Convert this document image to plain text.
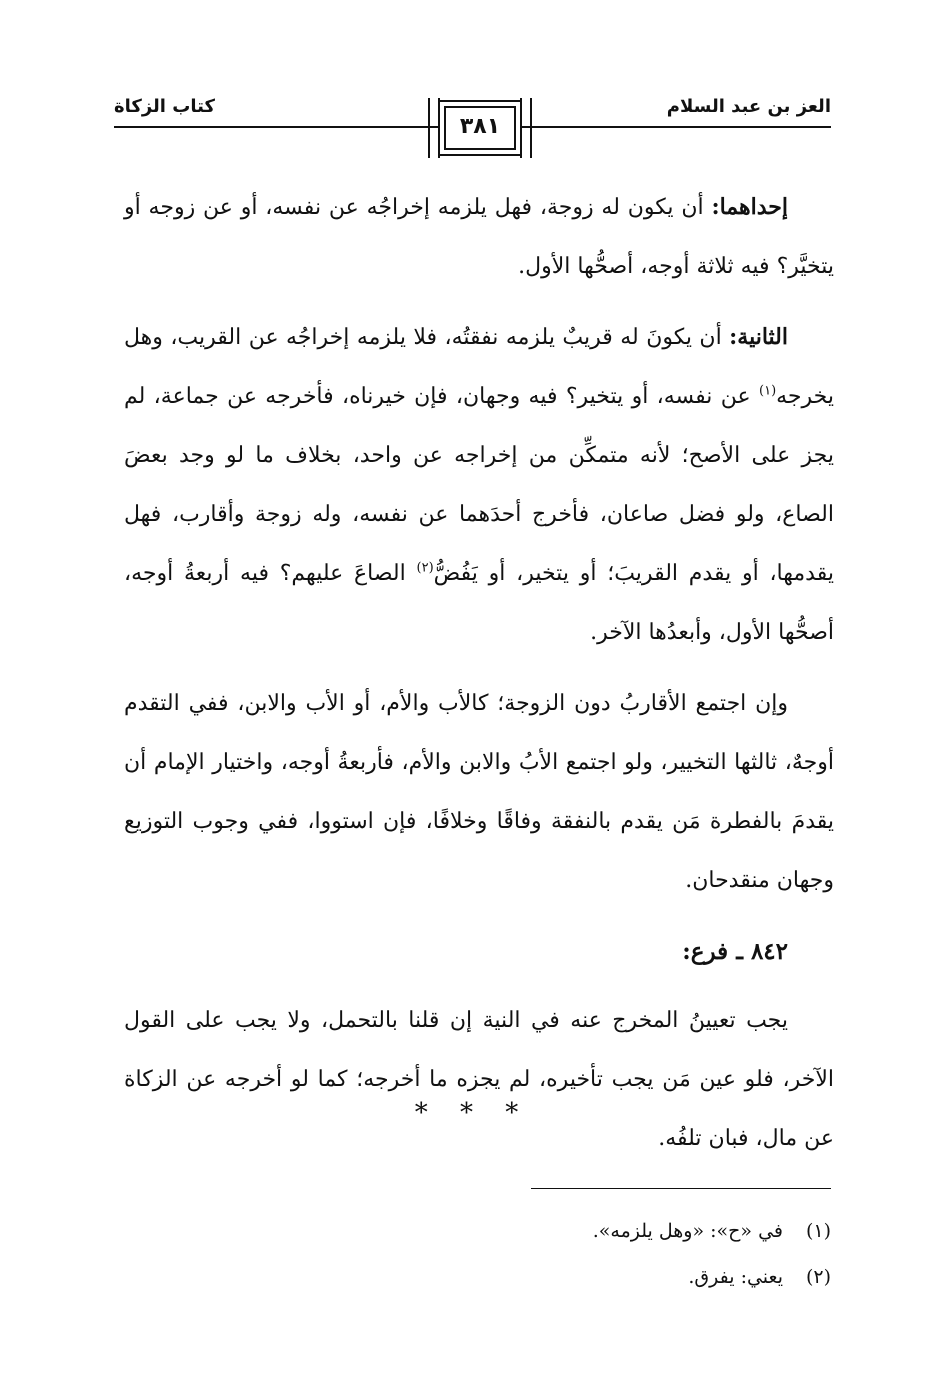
كتاب الزكاة	العز بن عبد السلام
٣٨١

إحداهما: أن يكون له زوجة، فهل يلزمه إخراجُه عن نفسه، أو عن زوجه أو يتخيَّر؟ فيه ثلاثة أوجه، أصحُّها الأول.

الثانية: أن يكونَ له قريبٌ يلزمه نفقتُه، فلا يلزمه إخراجُه عن القريب، وهل يخرجه$^{(١)}$ عن نفسه، أو يتخير؟ فيه وجهان، فإن خيرناه، فأخرجه عن جماعة، لم يجز على الأصح؛ لأنه متمكِّن من إخراجه عن واحد، بخلاف ما لو وجد بعضَ الصاع، ولو فضل صاعان، فأخرج أحدَهما عن نفسه، وله زوجة وأقارب، فهل يقدمها، أو يقدم القريبَ؛ أو يتخير، أو يَفُضُّ$^{(٢)}$ الصاعَ عليهم؟ فيه أربعةُ أوجه، أصحُّها الأول، وأبعدُها الآخر.

وإن اجتمع الأقاربُ دون الزوجة؛ كالأب والأم، أو الأب والابن، ففي التقدم أوجهٌ، ثالثها التخيير، ولو اجتمع الأبُ والابن والأم، فأربعةُ أوجه، واختيار الإمام أن يقدمَ بالفطرة مَن يقدم بالنفقة وفاقًا وخلافًا، فإن استووا، ففي وجوب التوزيع وجهان منقدحان.

٨٤٢ ـ فرع:

يجب تعيينُ المخرج عنه في النية إن قلنا بالتحمل، ولا يجب على القول الآخر، فلو عين مَن يجب تأخيره، لم يجزه ما أخرجه؛ كما لو أخرجه عن الزكاة عن مال، فبان تلفُه.

* * *

(١)في «ح»: «وهل يلزمه».

(٢)يعني: يفرق.
